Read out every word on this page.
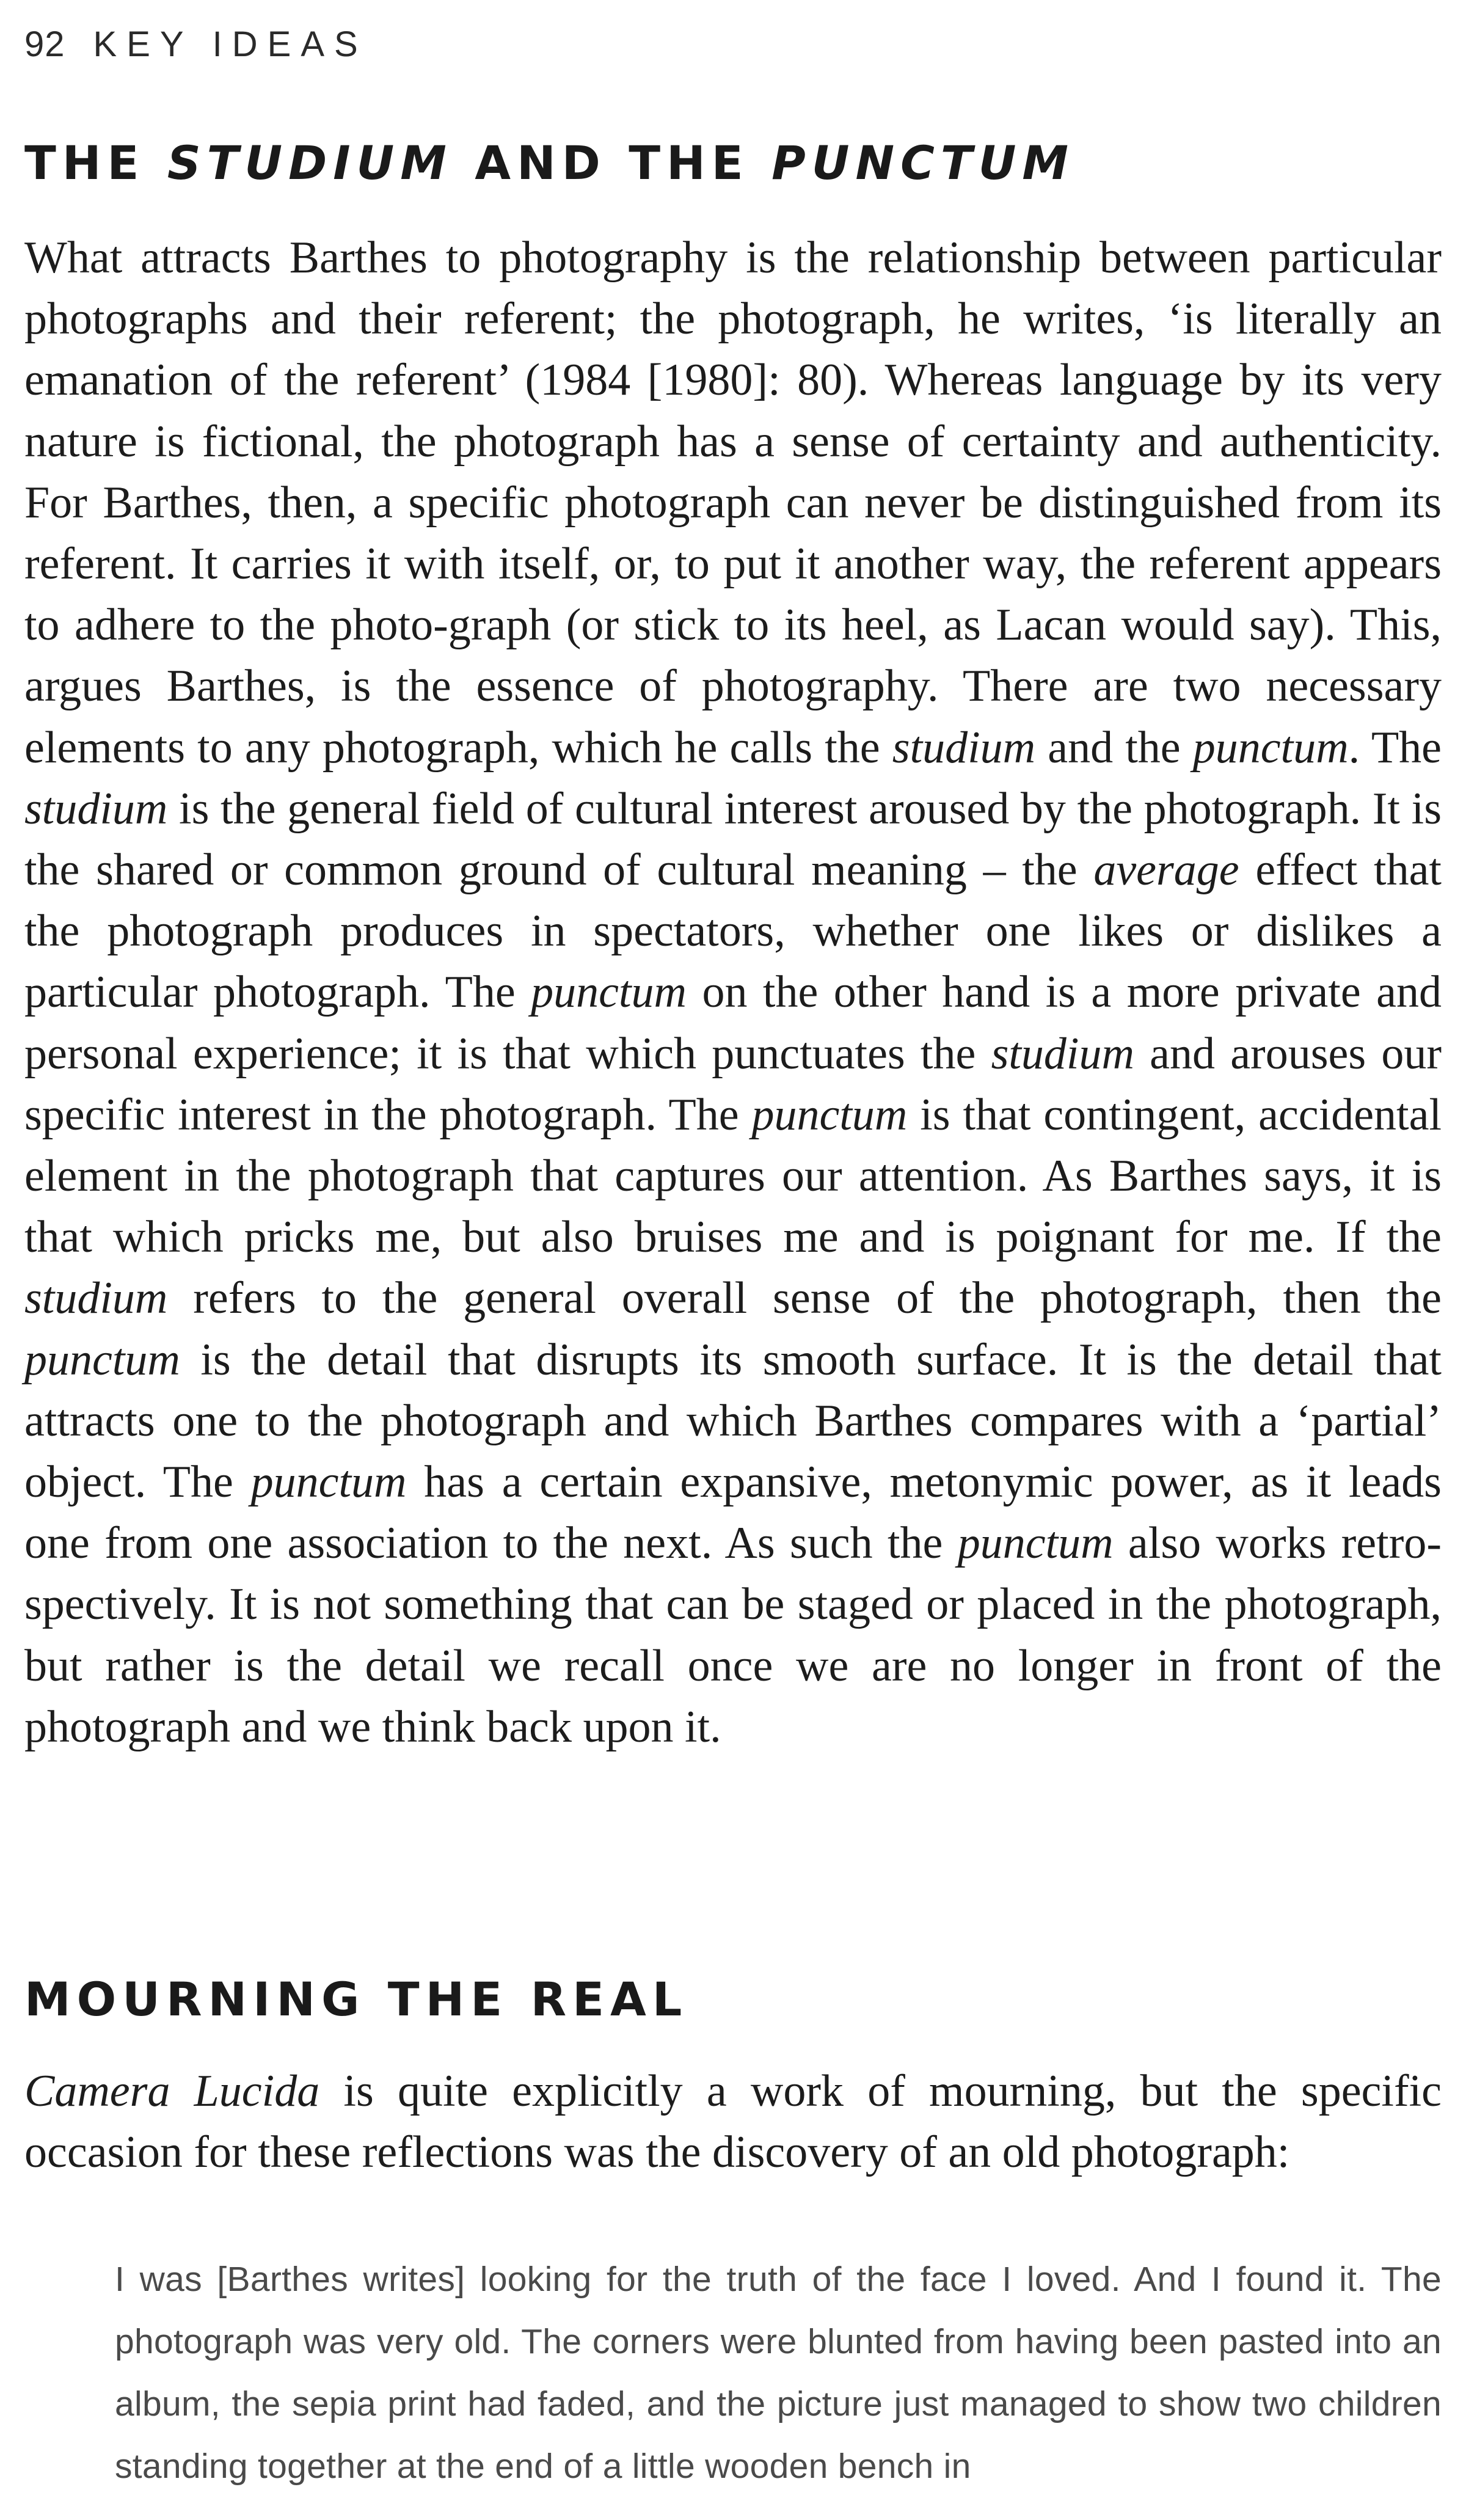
92 KEY IDEAS
THE STUDIUM AND THE PUNCTUM

What attracts Barthes to photography is the relationship between particular photographs and their referent; the photograph, he writes, ‘is literally an emanation of the referent’ (1984 [1980]: 80). Whereas language by its very nature is fictional, the photograph has a sense of certainty and authenticity. For Barthes, then, a specific photograph can never be distinguished from its referent. It carries it with itself, or, to put it another way, the referent appears to adhere to the photo-graph (or stick to its heel, as Lacan would say). This, argues Barthes, is the essence of photography. There are two necessary elements to any photograph, which he calls the studium and the punctum. The studium is the general field of cultural interest aroused by the photograph. It is the shared or common ground of cultural meaning – the average effect that the photograph produces in spectators, whether one likes or dislikes a particular photograph. The punctum on the other hand is a more private and personal experience; it is that which punctuates the studium and arouses our specific interest in the photograph. The punctum is that contingent, accidental element in the photograph that captures our attention. As Barthes says, it is that which pricks me, but also bruises me and is poignant for me. If the studium refers to the general overall sense of the photograph, then the punctum is the detail that disrupts its smooth surface. It is the detail that attracts one to the photograph and which Barthes compares with a ‘partial’ object. The punctum has a certain expansive, metonymic power, as it leads one from one association to the next. As such the punctum also works retro-spectively. It is not something that can be staged or placed in the photograph, but rather is the detail we recall once we are no longer in front of the photograph and we think back upon it.

MOURNING THE REAL

Camera Lucida is quite explicitly a work of mourning, but the specific occasion for these reflections was the discovery of an old photograph:

I was [Barthes writes] looking for the truth of the face I loved. And I found it. The photograph was very old. The corners were blunted from having been pasted into an album, the sepia print had faded, and the picture just managed to show two children standing together at the end of a little wooden bench in
